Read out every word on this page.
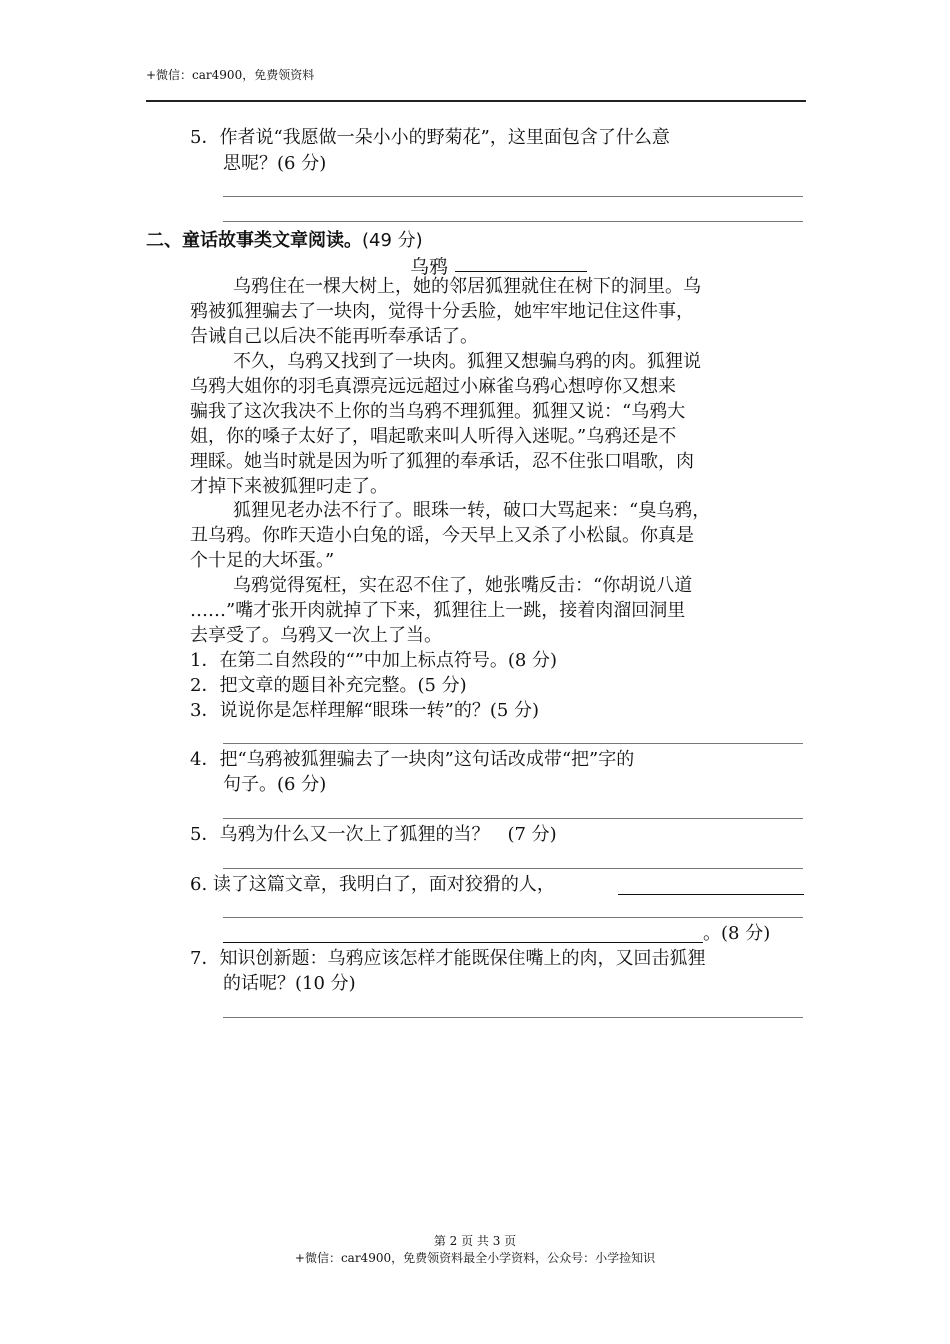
+微信：car4900，免费领资料
5．作者说“我愿做一朵小小的野菊花”，这里面包含了什么意
思呢？(6 分)
二、童话故事类文章阅读。(49 分)
乌鸦
乌鸦住在一棵大树上，她的邻居狐狸就住在树下的洞里。乌
鸦被狐狸骗去了一块肉，觉得十分丢脸，她牢牢地记住这件事，
告诫自己以后决不能再听奉承话了。
不久，乌鸦又找到了一块肉。狐狸又想骗乌鸦的肉。狐狸说
乌鸦大姐你的羽毛真漂亮远远超过小麻雀乌鸦心想哼你又想来
骗我了这次我决不上你的当乌鸦不理狐狸。狐狸又说：“乌鸦大
姐，你的嗓子太好了，唱起歌来叫人听得入迷呢。”乌鸦还是不
理睬。她当时就是因为听了狐狸的奉承话，忍不住张口唱歌，肉
才掉下来被狐狸叼走了。
狐狸见老办法不行了。眼珠一转，破口大骂起来：“臭乌鸦，
丑乌鸦。你昨天造小白兔的谣，今天早上又杀了小松鼠。你真是
个十足的大坏蛋。”
乌鸦觉得冤枉，实在忍不住了，她张嘴反击：“你胡说八道
……”嘴才张开肉就掉了下来，狐狸往上一跳，接着肉溜回洞里
去享受了。乌鸦又一次上了当。
1．在第二自然段的“”中加上标点符号。(8 分)
2．把文章的题目补充完整。(5 分)
3．说说你是怎样理解“眼珠一转”的？(5 分)
4．把“乌鸦被狐狸骗去了一块肉”这句话改成带“把”字的
句子。(6 分)
5．乌鸦为什么又一次上了狐狸的当？　(7 分)
6. 读了这篇文章，我明白了，面对狡猾的人，
。(8 分)
7．知识创新题：乌鸦应该怎样才能既保住嘴上的肉，又回击狐狸
的话呢？(10 分)
第 2 页 共 3 页
+微信：car4900，免费领资料最全小学资料，公众号：小学捡知识
